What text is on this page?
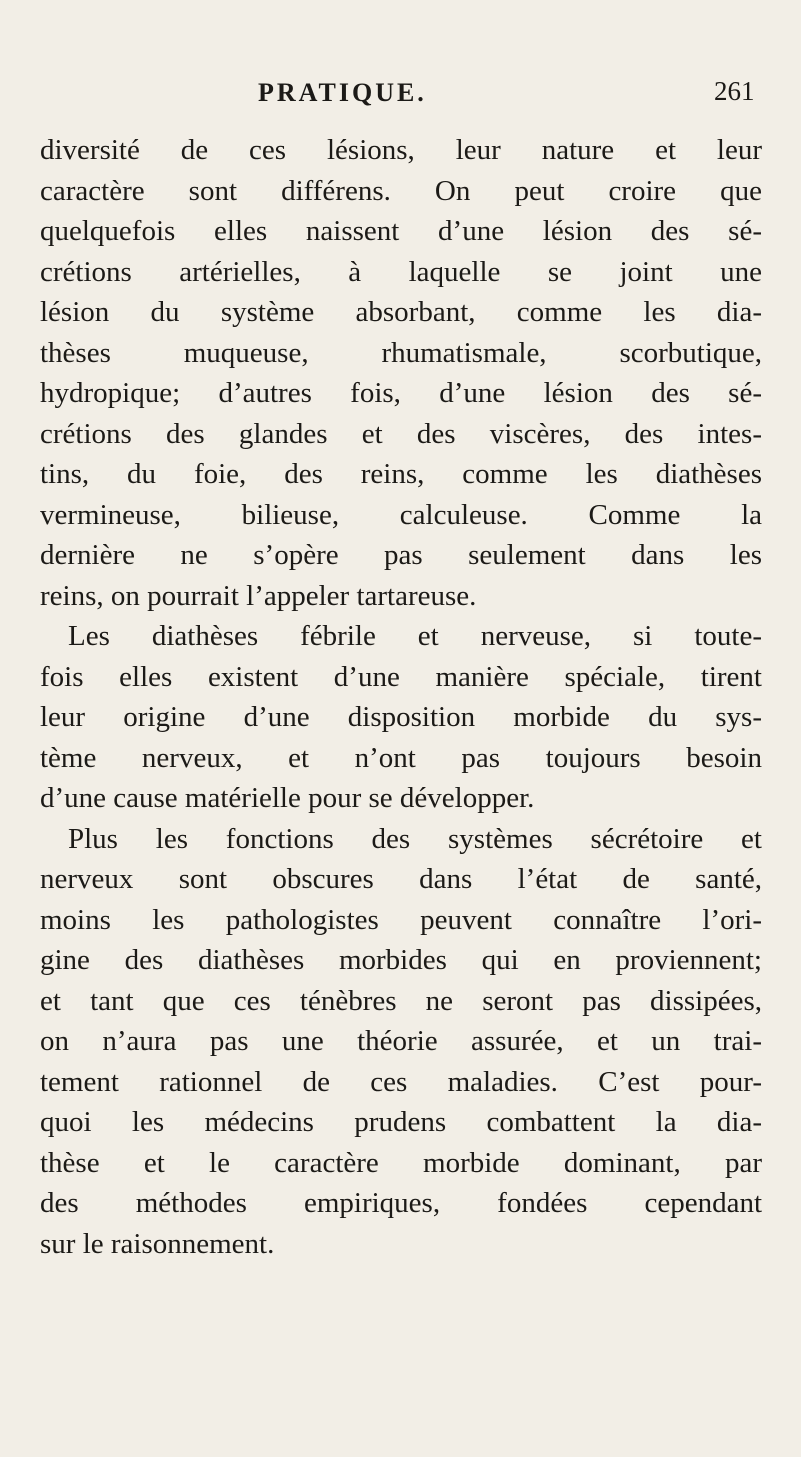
PRATIQUE.	261
diversité de ces lésions, leur nature et leur
caractère sont différens. On peut croire que
quelquefois elles naissent d’une lésion des sé-
crétions artérielles, à laquelle se joint une
lésion du système absorbant, comme les dia-
thèses muqueuse, rhumatismale, scorbutique,
hydropique; d’autres fois, d’une lésion des sé-
crétions des glandes et des viscères, des intes-
tins, du foie, des reins, comme les diathèses
vermineuse, bilieuse, calculeuse. Comme la
dernière ne s’opère pas seulement dans les
reins, on pourrait l’appeler tartareuse.
Les diathèses fébrile et nerveuse, si toute-
fois elles existent d’une manière spéciale, tirent
leur origine d’une disposition morbide du sys-
tème nerveux, et n’ont pas toujours besoin
d’une cause matérielle pour se développer.
Plus les fonctions des systèmes sécrétoire et
nerveux sont obscures dans l’état de santé,
moins les pathologistes peuvent connaître l’ori-
gine des diathèses morbides qui en proviennent;
et tant que ces ténèbres ne seront pas dissipées,
on n’aura pas une théorie assurée, et un trai-
tement rationnel de ces maladies. C’est pour-
quoi les médecins prudens combattent la dia-
thèse et le caractère morbide dominant, par
des méthodes empiriques, fondées cependant
sur le raisonnement.
